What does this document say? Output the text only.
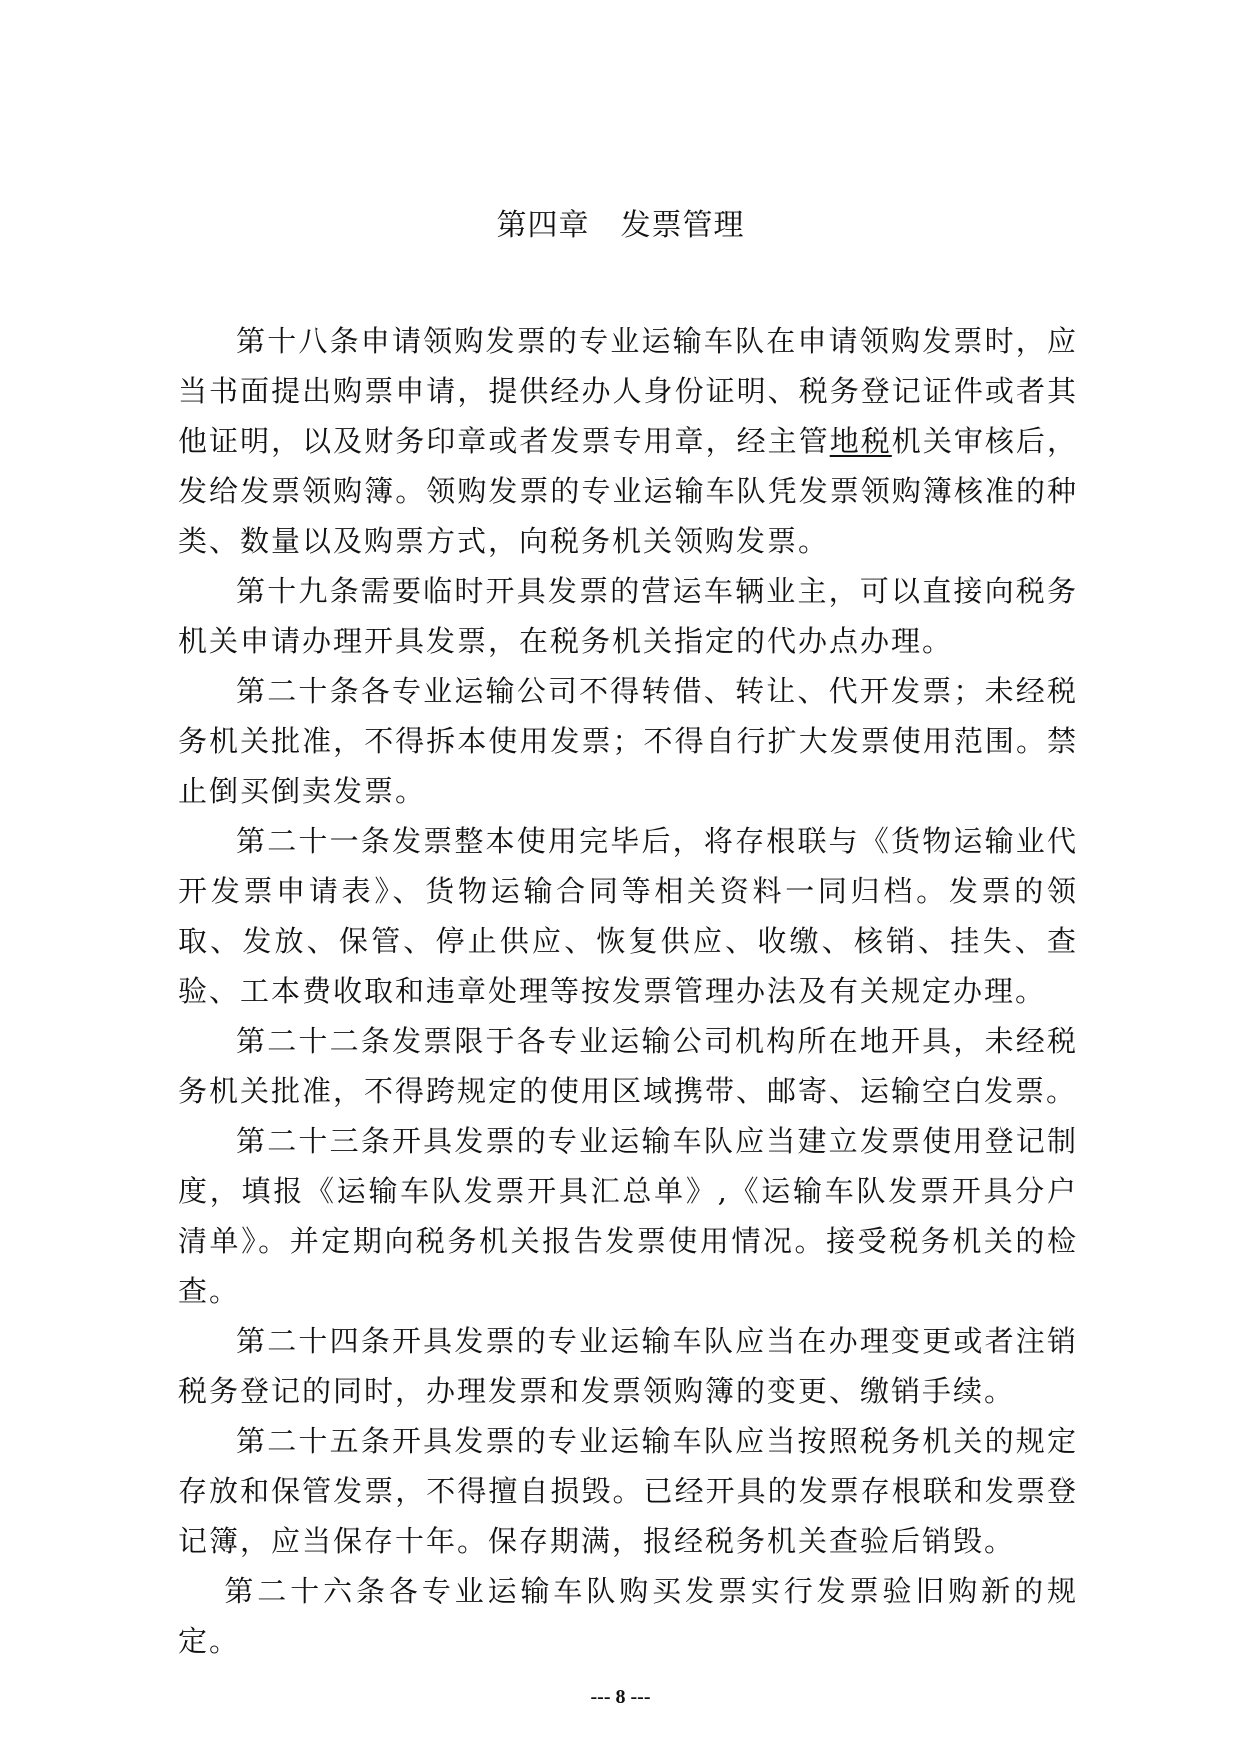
第四章　发票管理

第十八条申请领购发票的专业运输车队在申请领购发票时，应当书面提出购票申请，提供经办人身份证明、税务登记证件或者其他证明，以及财务印章或者发票专用章，经主管地税机关审核后，发给发票领购簿。领购发票的专业运输车队凭发票领购簿核准的种类、数量以及购票方式，向税务机关领购发票。

第十九条需要临时开具发票的营运车辆业主，可以直接向税务机关申请办理开具发票，在税务机关指定的代办点办理。

第二十条各专业运输公司不得转借、转让、代开发票；未经税务机关批准，不得拆本使用发票；不得自行扩大发票使用范围。禁止倒买倒卖发票。

第二十一条发票整本使用完毕后，将存根联与《货物运输业代开发票申请表》、货物运输合同等相关资料一同归档。发票的领取、发放、保管、停止供应、恢复供应、收缴、核销、挂失、查验、工本费收取和违章处理等按发票管理办法及有关规定办理。

第二十二条发票限于各专业运输公司机构所在地开具，未经税务机关批准，不得跨规定的使用区域携带、邮寄、运输空白发票。

第二十三条开具发票的专业运输车队应当建立发票使用登记制度，填报《运输车队发票开具汇总单》,《运输车队发票开具分户清单》。并定期向税务机关报告发票使用情况。接受税务机关的检查。

第二十四条开具发票的专业运输车队应当在办理变更或者注销税务登记的同时，办理发票和发票领购簿的变更、缴销手续。

第二十五条开具发票的专业运输车队应当按照税务机关的规定存放和保管发票，不得擅自损毁。已经开具的发票存根联和发票登记簿，应当保存十年。保存期满，报经税务机关查验后销毁。

第二十六条各专业运输车队购买发票实行发票验旧购新的规定。

--- 8 ---
